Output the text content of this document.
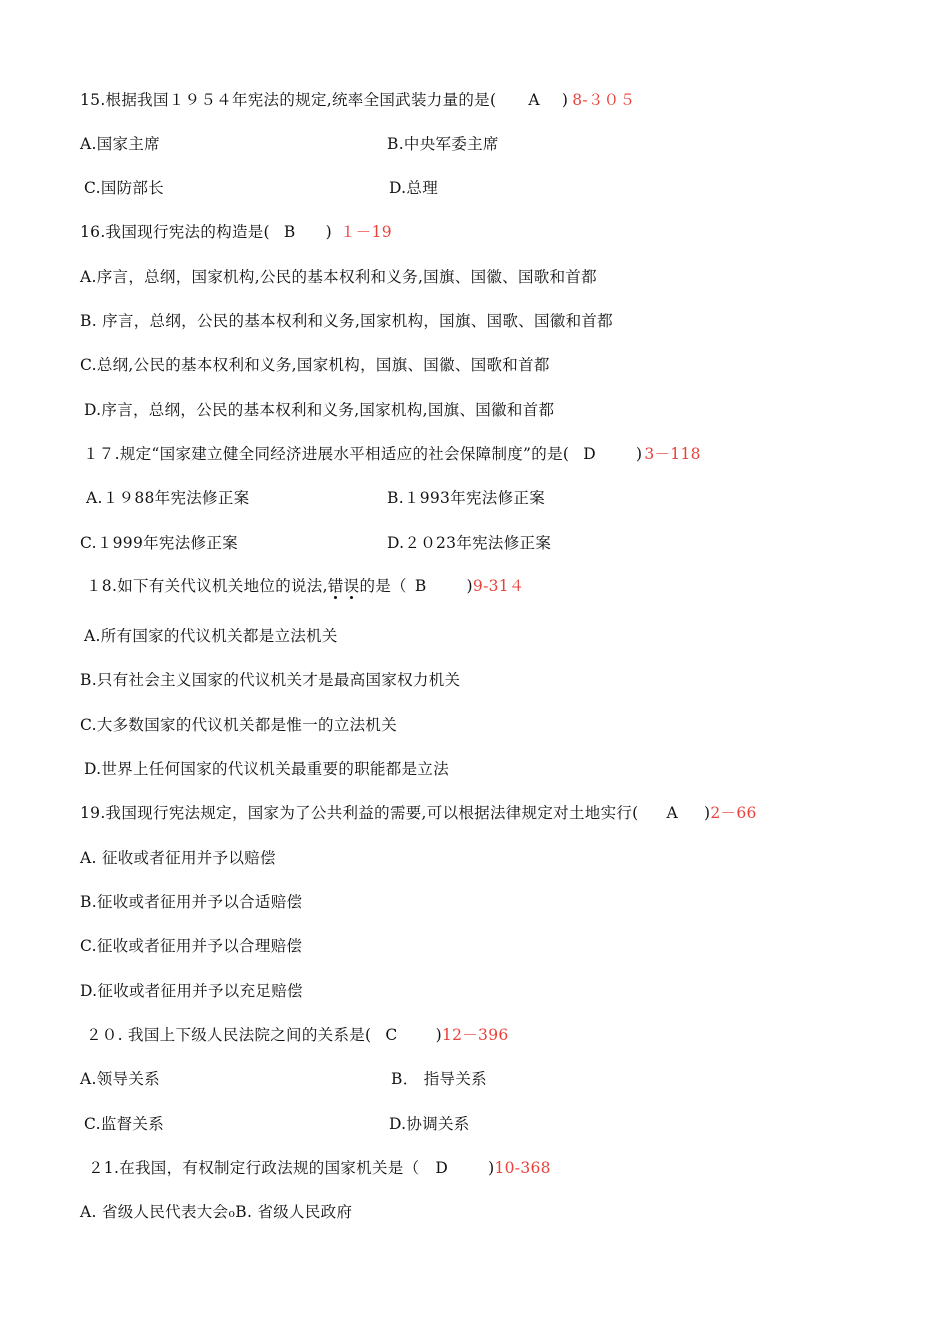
15.根据我国１９５４年宪法的规定,统率全国武装力量的是( A ) 8-３０５
A.国家主席	B.中央军委主席
C.国防部长	D.总理
16.我国现行宪法的构造是( B ) １－19
A.序言，总纲，国家机构,公民的基本权利和义务,国旗、国徽、国歌和首都
B. 序言，总纲，公民的基本权利和义务,国家机构，国旗、国歌、国徽和首都
C.总纲,公民的基本权利和义务,国家机构，国旗、国徽、国歌和首都
D.序言，总纲，公民的基本权利和义务,国家机构,国旗、国徽和首都
１７.规定“国家建立健全同经济进展水平相适应的社会保障制度”的是( D	) 3－118
A.１９88年宪法修正案	B.１993年宪法修正案
C.１999年宪法修正案	D.２０23年宪法修正案
１8.如下有关代议机关地位的说法,错误
的是（ B	)9-31４
A.所有国家的代议机关都是立法机关
B.只有社会主义国家的代议机关才是最高国家权力机关
C.大多数国家的代议机关都是惟一的立法机关
D.世界上任何国家的代议机关最重要的职能都是立法
19.我国现行宪法规定，国家为了公共利益的需要,可以根据法律规定对土地实行( A )2－66
A. 征收或者征用并予以赔偿
B.征收或者征用并予以合适赔偿
C.征收或者征用并予以合理赔偿
D.征收或者征用并予以充足赔偿
２０. 我国上下级人民法院之间的关系是( C )12－396
A.领导关系	B． 指导关系
C.监督关系	D.协调关系
２1.在我国，有权制定行政法规的国家机关是（ D	)10-368
A. 省级人民代表大会oB. 省级人民政府
